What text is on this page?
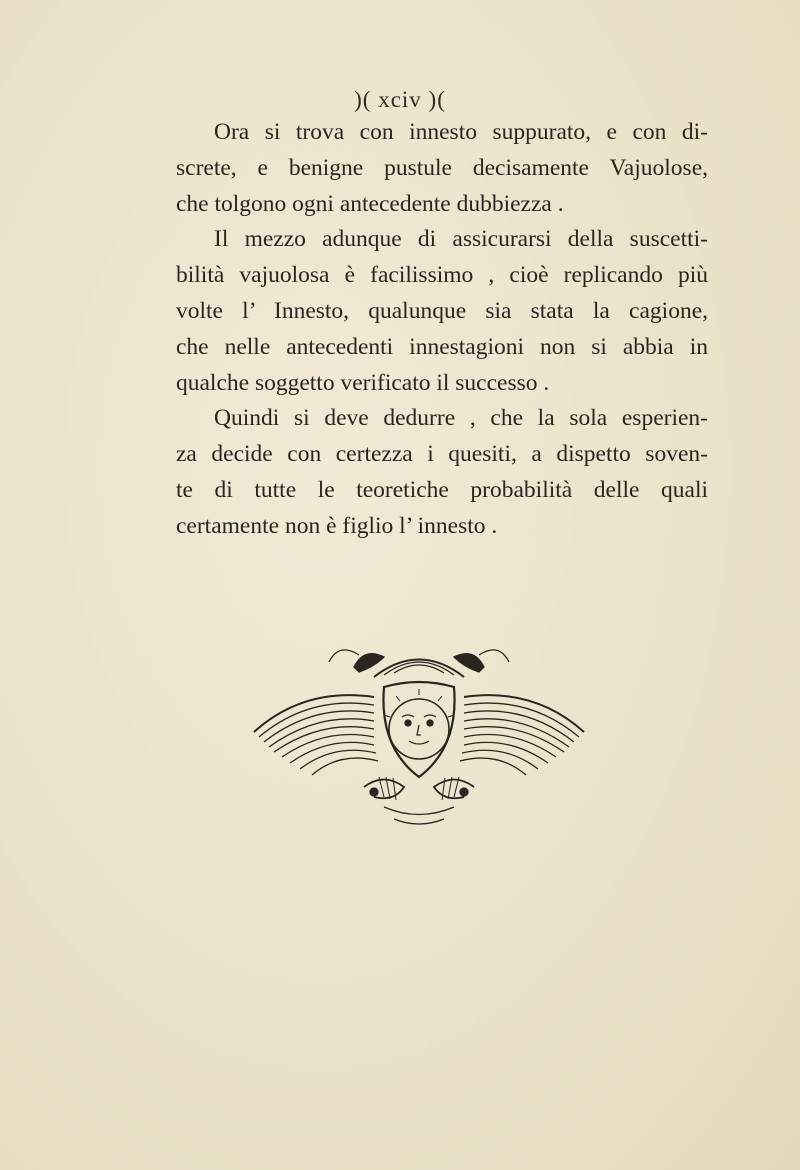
)( xciv )(
Ora si trova con innesto suppurato, e con di-
screte, e benigne pustule decisamente Vajuolose,
che tolgono ogni antecedente dubbiezza .
Il mezzo adunque di assicurarsi della suscetti-
bilità vajuolosa è facilissimo , cioè replicando più
volte l’ Innesto, qualunque sia stata la cagione,
che nelle antecedenti innestagioni non si abbia in
qualche soggetto verificato il successo .
Quindi si deve dedurre , che la sola esperien-
za decide con certezza i quesiti, a dispetto soven-
te di tutte le teoretiche probabilità delle quali
certamente non è figlio l’ innesto .
